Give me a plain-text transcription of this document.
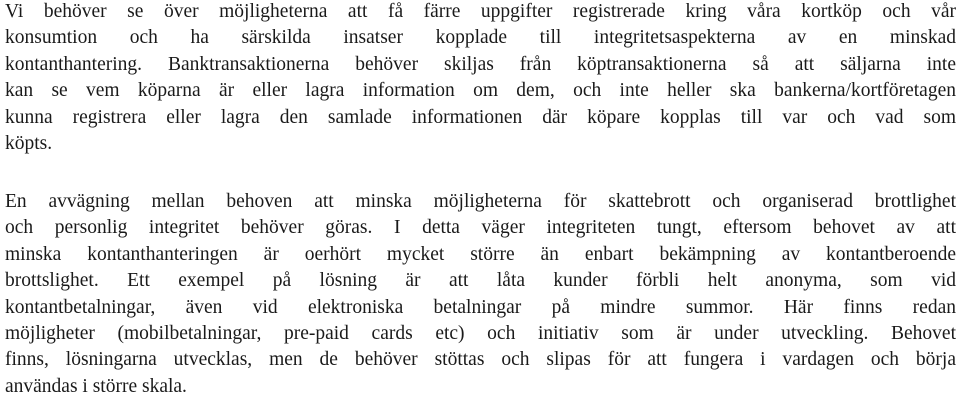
Vi behöver se över möjligheterna att få färre uppgifter registrerade kring våra kortköp och vår
konsumtion och ha särskilda insatser kopplade till integritetsaspekterna av en minskad
kontanthantering. Banktransaktionerna behöver skiljas från köptransaktionerna så att säljarna inte
kan se vem köparna är eller lagra information om dem, och inte heller ska bankerna/kortföretagen
kunna registrera eller lagra den samlade informationen där köpare kopplas till var och vad som
köpts.
En avvägning mellan behoven att minska möjligheterna för skattebrott och organiserad brottlighet
och personlig integritet behöver göras. I detta väger integriteten tungt, eftersom behovet av att
minska kontanthanteringen är oerhört mycket större än enbart bekämpning av kontantberoende
brottslighet. Ett exempel på lösning är att låta kunder förbli helt anonyma, som vid
kontantbetalningar, även vid elektroniska betalningar på mindre summor. Här finns redan
möjligheter (mobilbetalningar, pre-paid cards etc) och initiativ som är under utveckling. Behovet
finns, lösningarna utvecklas, men de behöver stöttas och slipas för att fungera i vardagen och börja
användas i större skala.
